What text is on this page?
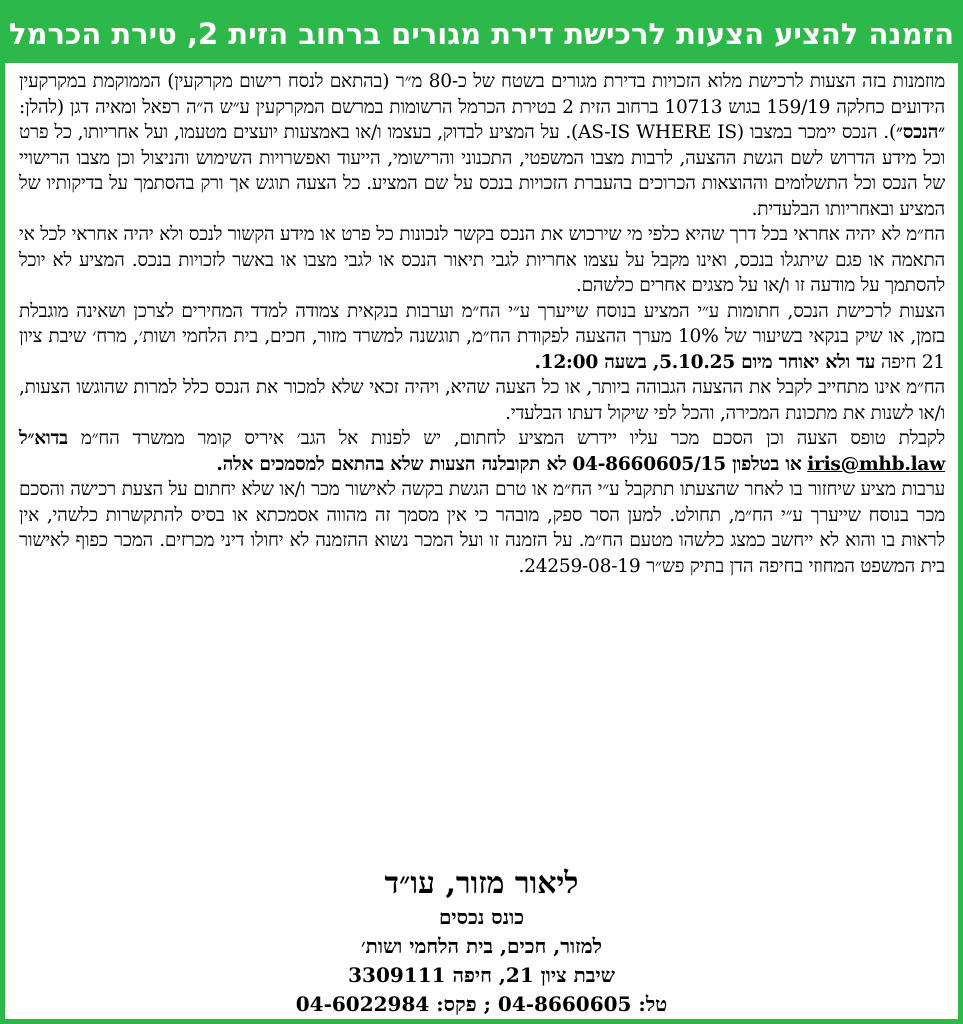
הזמנה להציע הצעות לרכישת דירת מגורים ברחוב הזית 2, טירת הכרמל

מוזמנות בזה הצעות לרכישת מלוא הזכויות בדירת מגורים בשטח של כ-80 מ״ר (בהתאם לנסח רישום מקרקעין) הממוקמת במקרקעין הידועים כחלקה 159/19 בגוש 10713 ברחוב הזית 2 בטירת הכרמל הרשומות במרשם המקרקעין ע״ש ה״ה רפאל ומאיה דגן (להלן: ״הנכס״). הנכס יימכר במצבו (AS-IS WHERE IS). על המציע לבדוק, בעצמו ו/או באמצעות יועצים מטעמו, ועל אחריותו, כל פרט וכל מידע הדרוש לשם הגשת ההצעה, לרבות מצבו המשפטי, התכנוני והרישומי, הייעוד ואפשרויות השימוש והניצול וכן מצבו הרישויי של הנכס וכל התשלומים וההוצאות הכרוכים בהעברת הזכויות בנכס על שם המציע. כל הצעה תוגש אך ורק בהסתמך על בדיקותיו של המציע ובאחריותו הבלעדית.

הח״מ לא יהיה אחראי בכל דרך שהיא כלפי מי שירכוש את הנכס בקשר לנכונות כל פרט או מידע הקשור לנכס ולא יהיה אחראי לכל אי התאמה או פגם שיתגלו בנכס, ואינו מקבל על עצמו אחריות לגבי תיאור הנכס או לגבי מצבו או באשר לזכויות בנכס. המציע לא יוכל להסתמך על מודעה זו ו/או על מצגים אחרים כלשהם.

הצעות לרכישת הנכס, חתומות ע״י המציע בנוסח שייערך ע״י הח״מ וערבות בנקאית צמודה למדד המחירים לצרכן ושאינה מוגבלת בזמן, או שיק בנקאי בשיעור של 10% מערך ההצעה לפקודת הח״מ, תוגשנה למשרד מזור, חכים, בית הלחמי ושות׳, מרח׳ שיבת ציון 21 חיפה עד ולא יאוחר מיום 5.10.25, בשעה 12:00.

הח״מ אינו מתחייב לקבל את ההצעה הגבוהה ביותר, או כל הצעה שהיא, ויהיה זכאי שלא למכור את הנכס כלל למרות שהוגשו הצעות, ו/או לשנות את מתכונת המכירה, והכל לפי שיקול דעתו הבלעדי.

לקבלת טופס הצעה וכן הסכם מכר עליו יידרש המציע לחתום, יש לפנות אל הגב׳ איריס קומר ממשרד הח״מ בדוא״ל iris@mhb.law או בטלפון 04-8660605/15 לא תקובלנה הצעות שלא בהתאם למסמכים אלה.

ערבות מציע שיחזור בו לאחר שהצעתו תתקבל ע״י הח״מ או טרם הגשת בקשה לאישור מכר ו/או שלא יחתום על הצעת רכישה והסכם מכר בנוסח שייערך ע״י הח״מ, תחולט. למען הסר ספק, מובהר כי אין מסמך זה מהווה אסמכתא או בסיס להתקשרות כלשהי, אין לראות בו והוא לא ייחשב כמצג כלשהו מטעם הח״מ. על הזמנה זו ועל המכר נשוא ההזמנה לא יחולו דיני מכרזים. המכר כפוף לאישור בית המשפט המחוזי בחיפה הדן בתיק פש״ר 24259-08-19.

ליאור מזור, עו״ד
כונס נכסים
למזור, חכים, בית הלחמי ושות׳
שיבת ציון 21, חיפה 3309111
טל: 04-8660605 ; פקס: 04-6022984
